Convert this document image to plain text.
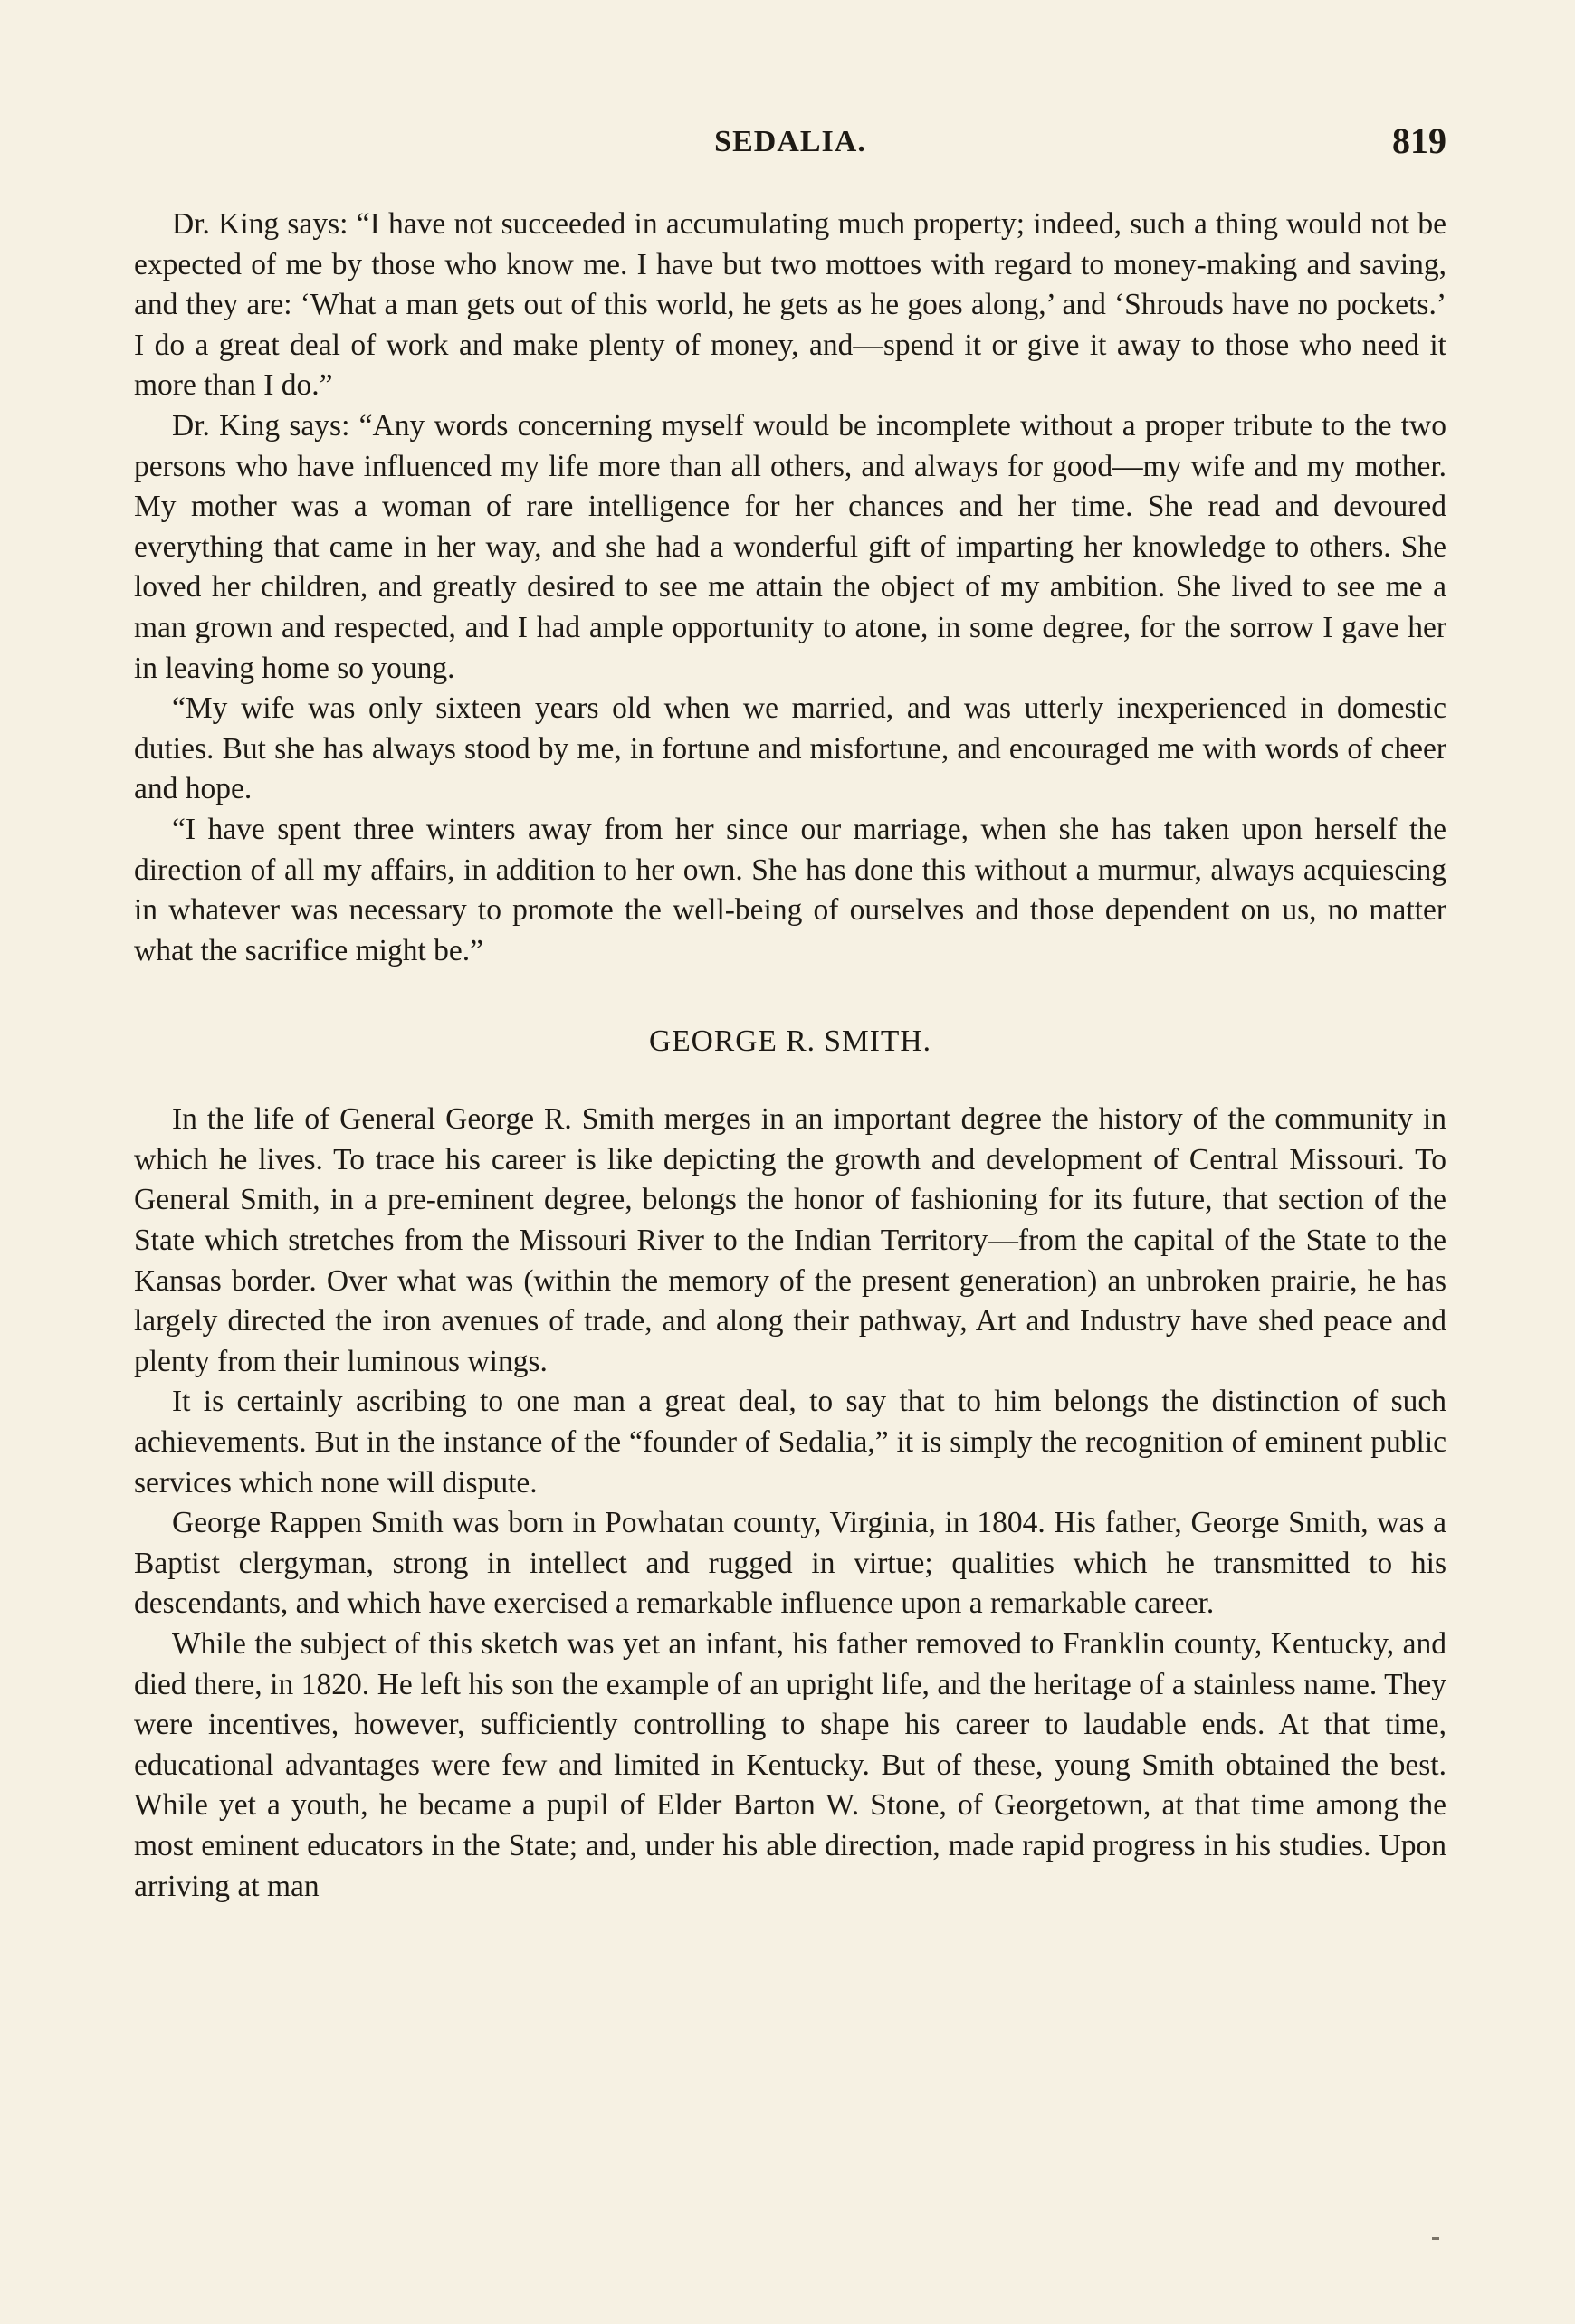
SEDALIA.	819

Dr. King says: “I have not succeeded in accumulating much property; indeed, such a thing would not be expected of me by those who know me. I have but two mottoes with regard to money-making and saving, and they are: ‘What a man gets out of this world, he gets as he goes along,’ and ‘Shrouds have no pockets.’ I do a great deal of work and make plenty of money, and—spend it or give it away to those who need it more than I do.”

Dr. King says: “Any words concerning myself would be incomplete without a proper tribute to the two persons who have influenced my life more than all others, and always for good—my wife and my mother. My mother was a woman of rare intelligence for her chances and her time. She read and devoured everything that came in her way, and she had a wonderful gift of imparting her knowledge to others. She loved her children, and greatly desired to see me attain the object of my ambition. She lived to see me a man grown and respected, and I had ample opportunity to atone, in some degree, for the sorrow I gave her in leaving home so young.

“My wife was only sixteen years old when we married, and was utterly inexperienced in domestic duties. But she has always stood by me, in fortune and misfortune, and encouraged me with words of cheer and hope.

“I have spent three winters away from her since our marriage, when she has taken upon herself the direction of all my affairs, in addition to her own. She has done this without a murmur, always acquiescing in whatever was necessary to promote the well-being of ourselves and those dependent on us, no matter what the sacrifice might be.”

GEORGE R. SMITH.

In the life of General George R. Smith merges in an important degree the history of the community in which he lives. To trace his career is like depicting the growth and development of Central Missouri. To General Smith, in a pre-eminent degree, belongs the honor of fashioning for its future, that section of the State which stretches from the Missouri River to the Indian Territory—from the capital of the State to the Kansas border. Over what was (within the memory of the present generation) an unbroken prairie, he has largely directed the iron avenues of trade, and along their pathway, Art and Industry have shed peace and plenty from their luminous wings.

It is certainly ascribing to one man a great deal, to say that to him belongs the distinction of such achievements. But in the instance of the “founder of Sedalia,” it is simply the recognition of eminent public services which none will dispute.

George Rappen Smith was born in Powhatan county, Virginia, in 1804. His father, George Smith, was a Baptist clergyman, strong in intellect and rugged in virtue; qualities which he transmitted to his descendants, and which have exercised a remarkable influence upon a remarkable career.

While the subject of this sketch was yet an infant, his father removed to Franklin county, Kentucky, and died there, in 1820. He left his son the example of an upright life, and the heritage of a stainless name. They were incentives, however, sufficiently controlling to shape his career to laudable ends. At that time, educational advantages were few and limited in Kentucky. But of these, young Smith obtained the best. While yet a youth, he became a pupil of Elder Barton W. Stone, of Georgetown, at that time among the most eminent educators in the State; and, under his able direction, made rapid progress in his studies. Upon arriving at man
